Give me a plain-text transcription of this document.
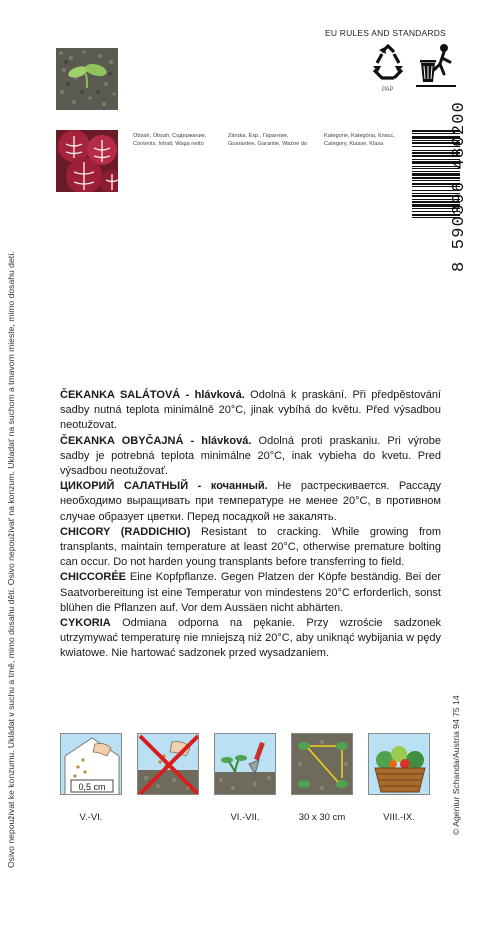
EU RULES AND STANDARDS
PAP
Osivo nepoužívat ke konzumu. Ukládat v suchu a tmě, mimo dosahu dětí. Osivo nepoužívať na konzum. Ukladať na suchom a tmavom mieste, mimo dosahu detí.	© Agentur Schanda/Austria 94 75 14
Obsah, Obsah, Содержание,
Contents, Inhalt, Waga netto
Záruka, Exp., Гарантия,
Guarantee, Garantie, Ważne do
Kategorie, Kategória, Класс,
Category, Klasse, Klasa	8 590396 480200

ČEKANKA SALÁTOVÁ - hlávková. Odolná k praskání. Při předpěstování sadby nutná teplota minimálně 20°C, jinak vybíhá do květu. Před výsadbou neotužovat.

ČEKANKA OBYČAJNÁ - hlávková. Odolná proti praskaniu. Pri výrobe sadby je potrebná teplota minimálne 20°C, inak vybieha do kvetu. Pred výsadbou neotužovať.

ЦИКОРИЙ САЛАТНЫЙ - кочанный. Не растрескивается. Рассаду необходимо выращивать при температуре не менее 20°C, в противном случае образует цветки. Перед посадкой не закалять.

CHICORY (RADDICHIO) Resistant to cracking. While growing from transplants, maintain temperature at least 20°C, otherwise premature bolting can occur. Do not harden young transplants before transferring to field.

CHICCORÉE Eine Kopfpflanze. Gegen Platzen der Köpfe beständig. Bei der Saatvorbereitung ist eine Temperatur von mindestens 20°C erforderlich, sonst blühen die Pflanzen auf. Vor dem Aussäen nicht abhärten.

CYKORIA Odmiana odporna na pękanie. Przy wzroście sadzonek utrzymywać temperaturę nie mniejszą niż 20°C, aby uniknąć wybijania w pędy kwiatowe. Nie hartować sadzonek przed wysadzaniem.

0,5 cm
V.-VI.	VI.-VII.	30 x 30 cm	VIII.-IX.
